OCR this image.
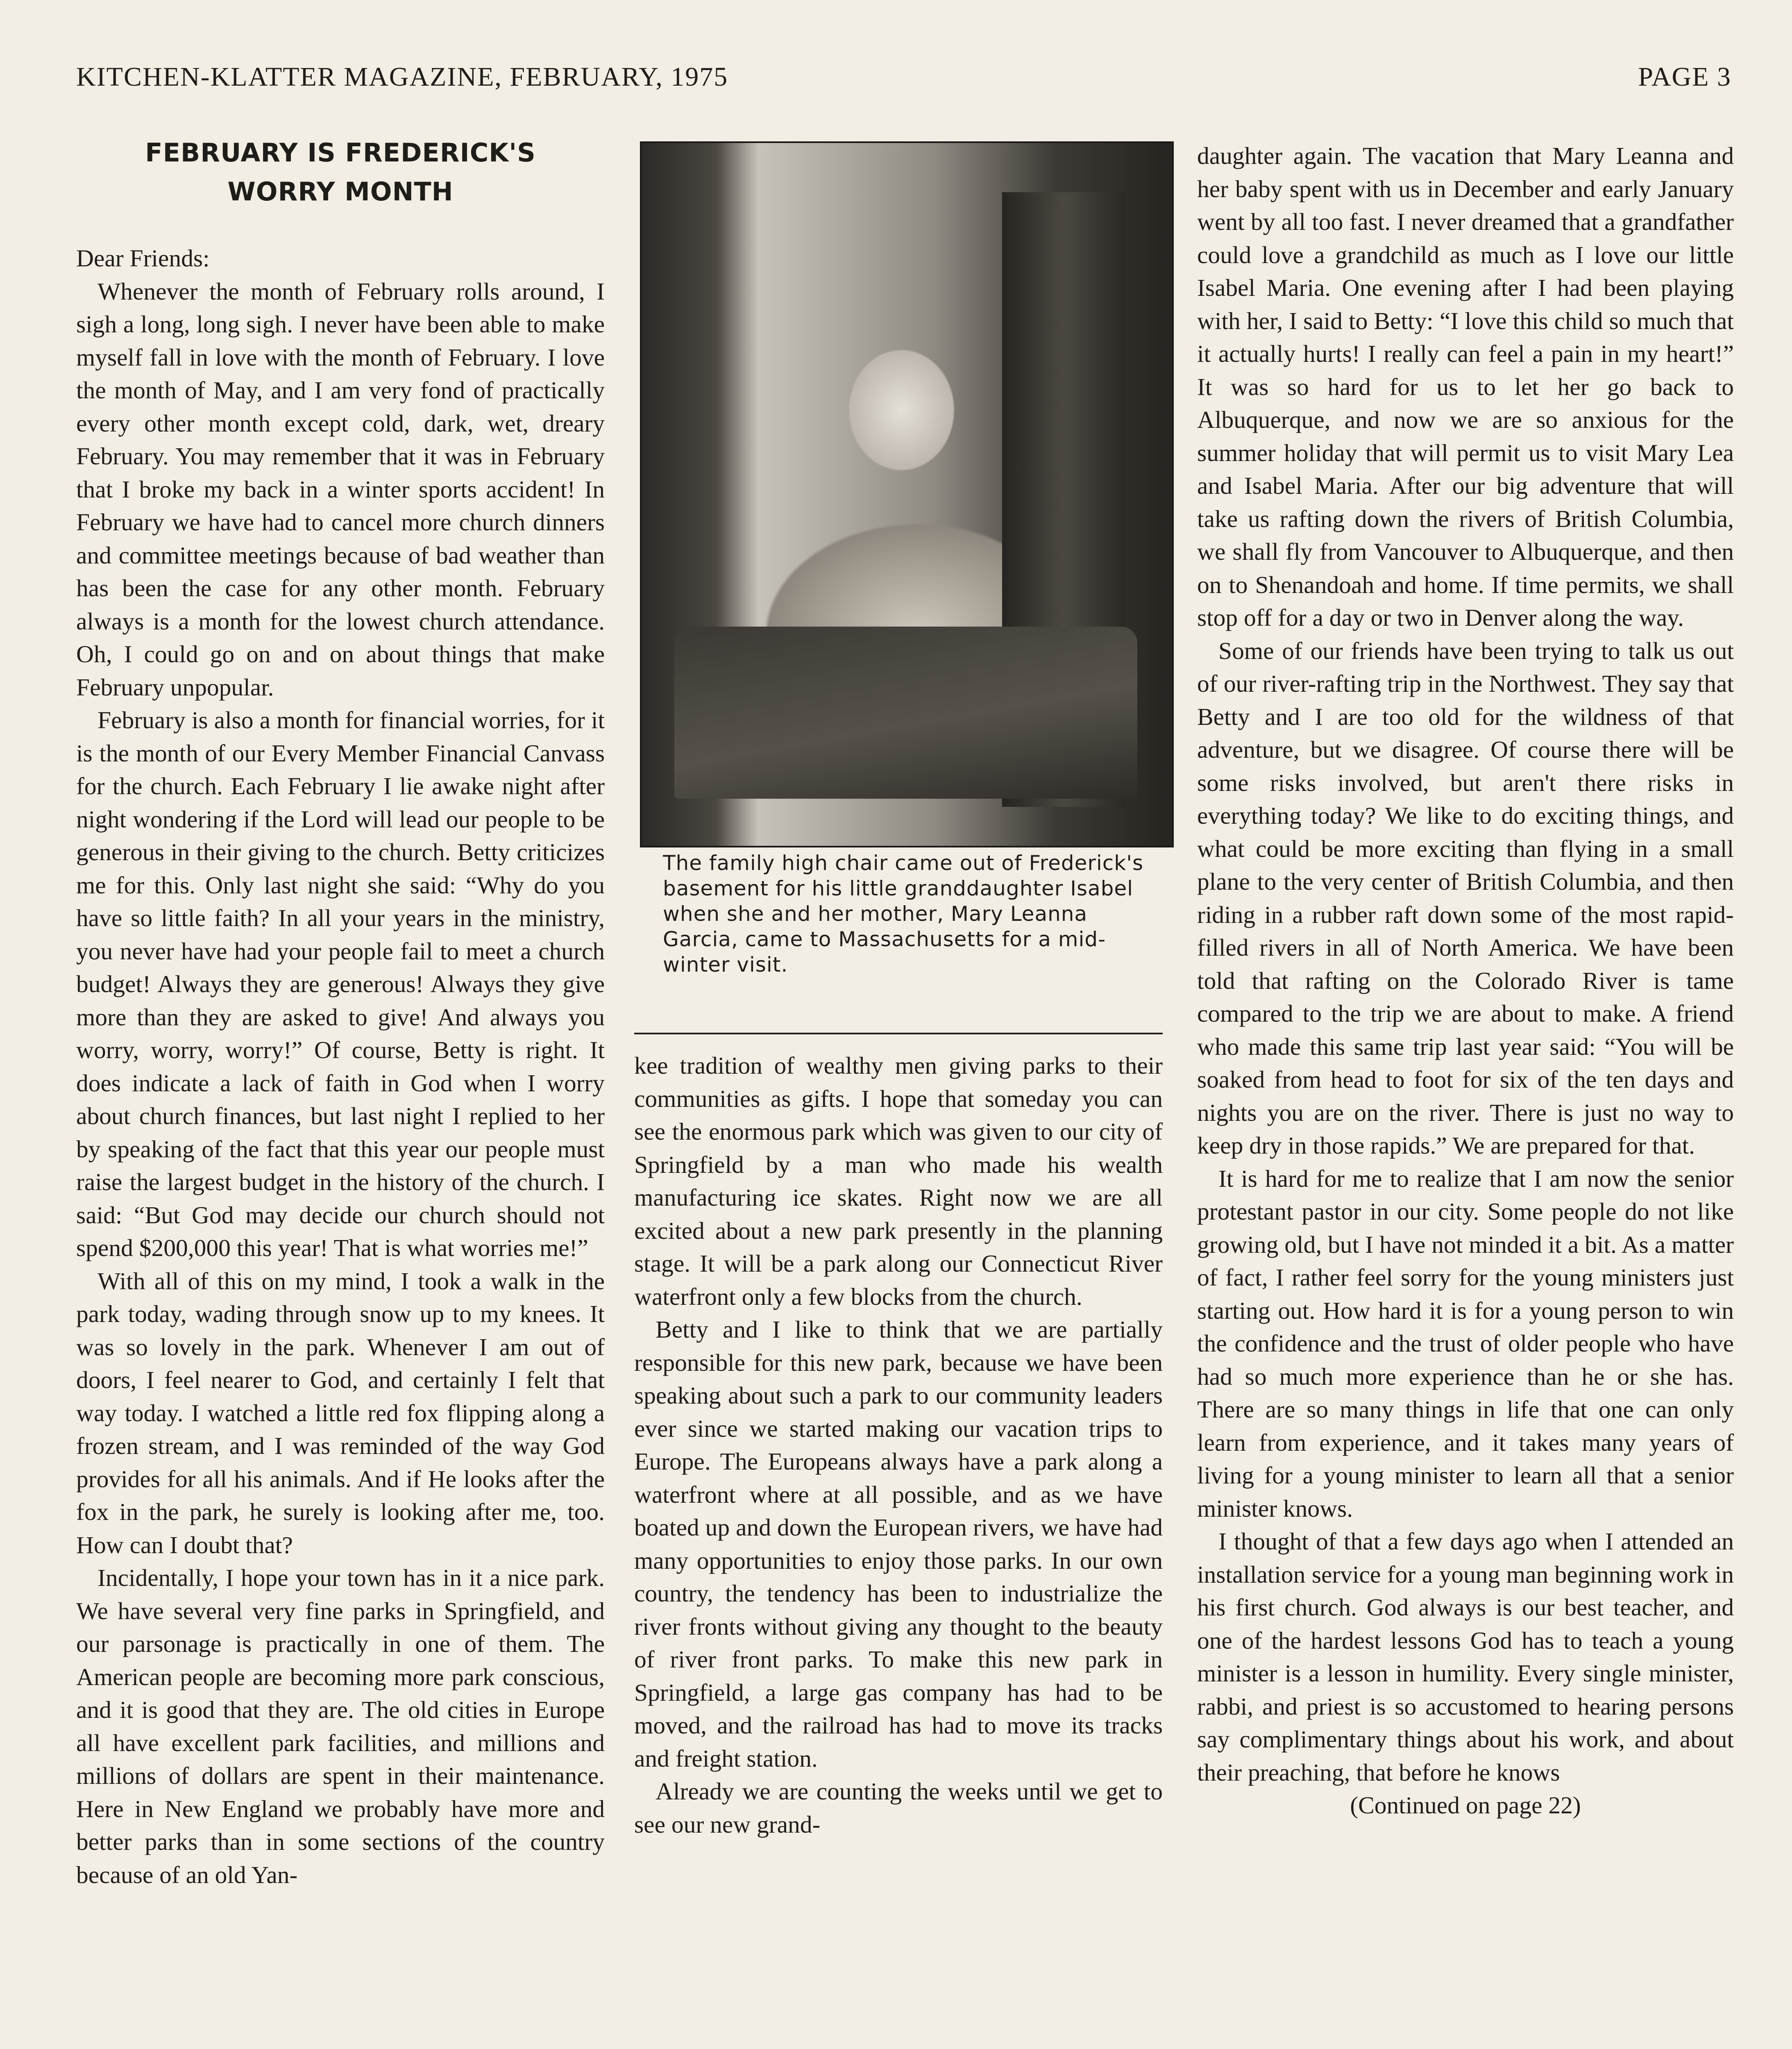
KITCHEN-KLATTER MAGAZINE, FEBRUARY, 1975	PAGE 3
FEBRUARY IS FREDERICK'S
WORRY MONTH

Dear Friends:

Whenever the month of February rolls around, I sigh a long, long sigh. I never have been able to make myself fall in love with the month of February. I love the month of May, and I am very fond of practically every other month except cold, dark, wet, dreary February. You may remember that it was in February that I broke my back in a winter sports accident! In February we have had to cancel more church dinners and committee meetings because of bad weather than has been the case for any other month. February always is a month for the lowest church attendance. Oh, I could go on and on about things that make February unpopular.

February is also a month for financial worries, for it is the month of our Every Member Financial Canvass for the church. Each February I lie awake night after night wondering if the Lord will lead our people to be generous in their giving to the church. Betty criticizes me for this. Only last night she said: “Why do you have so little faith? In all your years in the ministry, you never have had your people fail to meet a church budget! Always they are generous! Always they give more than they are asked to give! And always you worry, worry, worry!” Of course, Betty is right. It does indicate a lack of faith in God when I worry about church finances, but last night I replied to her by speaking of the fact that this year our people must raise the largest budget in the history of the church. I said: “But God may decide our church should not spend $200,000 this year! That is what worries me!”

With all of this on my mind, I took a walk in the park today, wading through snow up to my knees. It was so lovely in the park. Whenever I am out of doors, I feel nearer to God, and certainly I felt that way today. I watched a little red fox flipping along a frozen stream, and I was reminded of the way God provides for all his animals. And if He looks after the fox in the park, he surely is looking after me, too. How can I doubt that?

Incidentally, I hope your town has in it a nice park. We have several very fine parks in Springfield, and our parsonage is practically in one of them. The American people are becoming more park conscious, and it is good that they are. The old cities in Europe all have excellent park facilities, and millions and millions of dollars are spent in their maintenance. Here in New England we probably have more and better parks than in some sections of the country because of an old Yan-

The family high chair came out of Frederick's basement for his little granddaughter Isabel when she and her mother, Mary Leanna Garcia, came to Massachusetts for a mid-winter visit.

kee tradition of wealthy men giving parks to their communities as gifts. I hope that someday you can see the enormous park which was given to our city of Springfield by a man who made his wealth manufacturing ice skates. Right now we are all excited about a new park presently in the planning stage. It will be a park along our Connecticut River waterfront only a few blocks from the church.

Betty and I like to think that we are partially responsible for this new park, because we have been speaking about such a park to our community leaders ever since we started making our vacation trips to Europe. The Europeans always have a park along a waterfront where at all possible, and as we have boated up and down the European rivers, we have had many opportunities to enjoy those parks. In our own country, the tendency has been to industrialize the river fronts without giving any thought to the beauty of river front parks. To make this new park in Springfield, a large gas company has had to be moved, and the railroad has had to move its tracks and freight station.

Already we are counting the weeks until we get to see our new grand-

daughter again. The vacation that Mary Leanna and her baby spent with us in December and early January went by all too fast. I never dreamed that a grandfather could love a grandchild as much as I love our little Isabel Maria. One evening after I had been playing with her, I said to Betty: “I love this child so much that it actually hurts! I really can feel a pain in my heart!” It was so hard for us to let her go back to Albuquerque, and now we are so anxious for the summer holiday that will permit us to visit Mary Lea and Isabel Maria. After our big adventure that will take us rafting down the rivers of British Columbia, we shall fly from Vancouver to Albuquerque, and then on to Shenandoah and home. If time permits, we shall stop off for a day or two in Denver along the way.

Some of our friends have been trying to talk us out of our river-rafting trip in the Northwest. They say that Betty and I are too old for the wildness of that adventure, but we disagree. Of course there will be some risks involved, but aren't there risks in everything today? We like to do exciting things, and what could be more exciting than flying in a small plane to the very center of British Columbia, and then riding in a rubber raft down some of the most rapid-filled rivers in all of North America. We have been told that rafting on the Colorado River is tame compared to the trip we are about to make. A friend who made this same trip last year said: “You will be soaked from head to foot for six of the ten days and nights you are on the river. There is just no way to keep dry in those rapids.” We are prepared for that.

It is hard for me to realize that I am now the senior protestant pastor in our city. Some people do not like growing old, but I have not minded it a bit. As a matter of fact, I rather feel sorry for the young ministers just starting out. How hard it is for a young person to win the confidence and the trust of older people who have had so much more experience than he or she has. There are so many things in life that one can only learn from experience, and it takes many years of living for a young minister to learn all that a senior minister knows.

I thought of that a few days ago when I attended an installation service for a young man beginning work in his first church. God always is our best teacher, and one of the hardest lessons God has to teach a young minister is a lesson in humility. Every single minister, rabbi, and priest is so accustomed to hearing persons say complimentary things about his work, and about their preaching, that before he knows

(Continued on page 22)
